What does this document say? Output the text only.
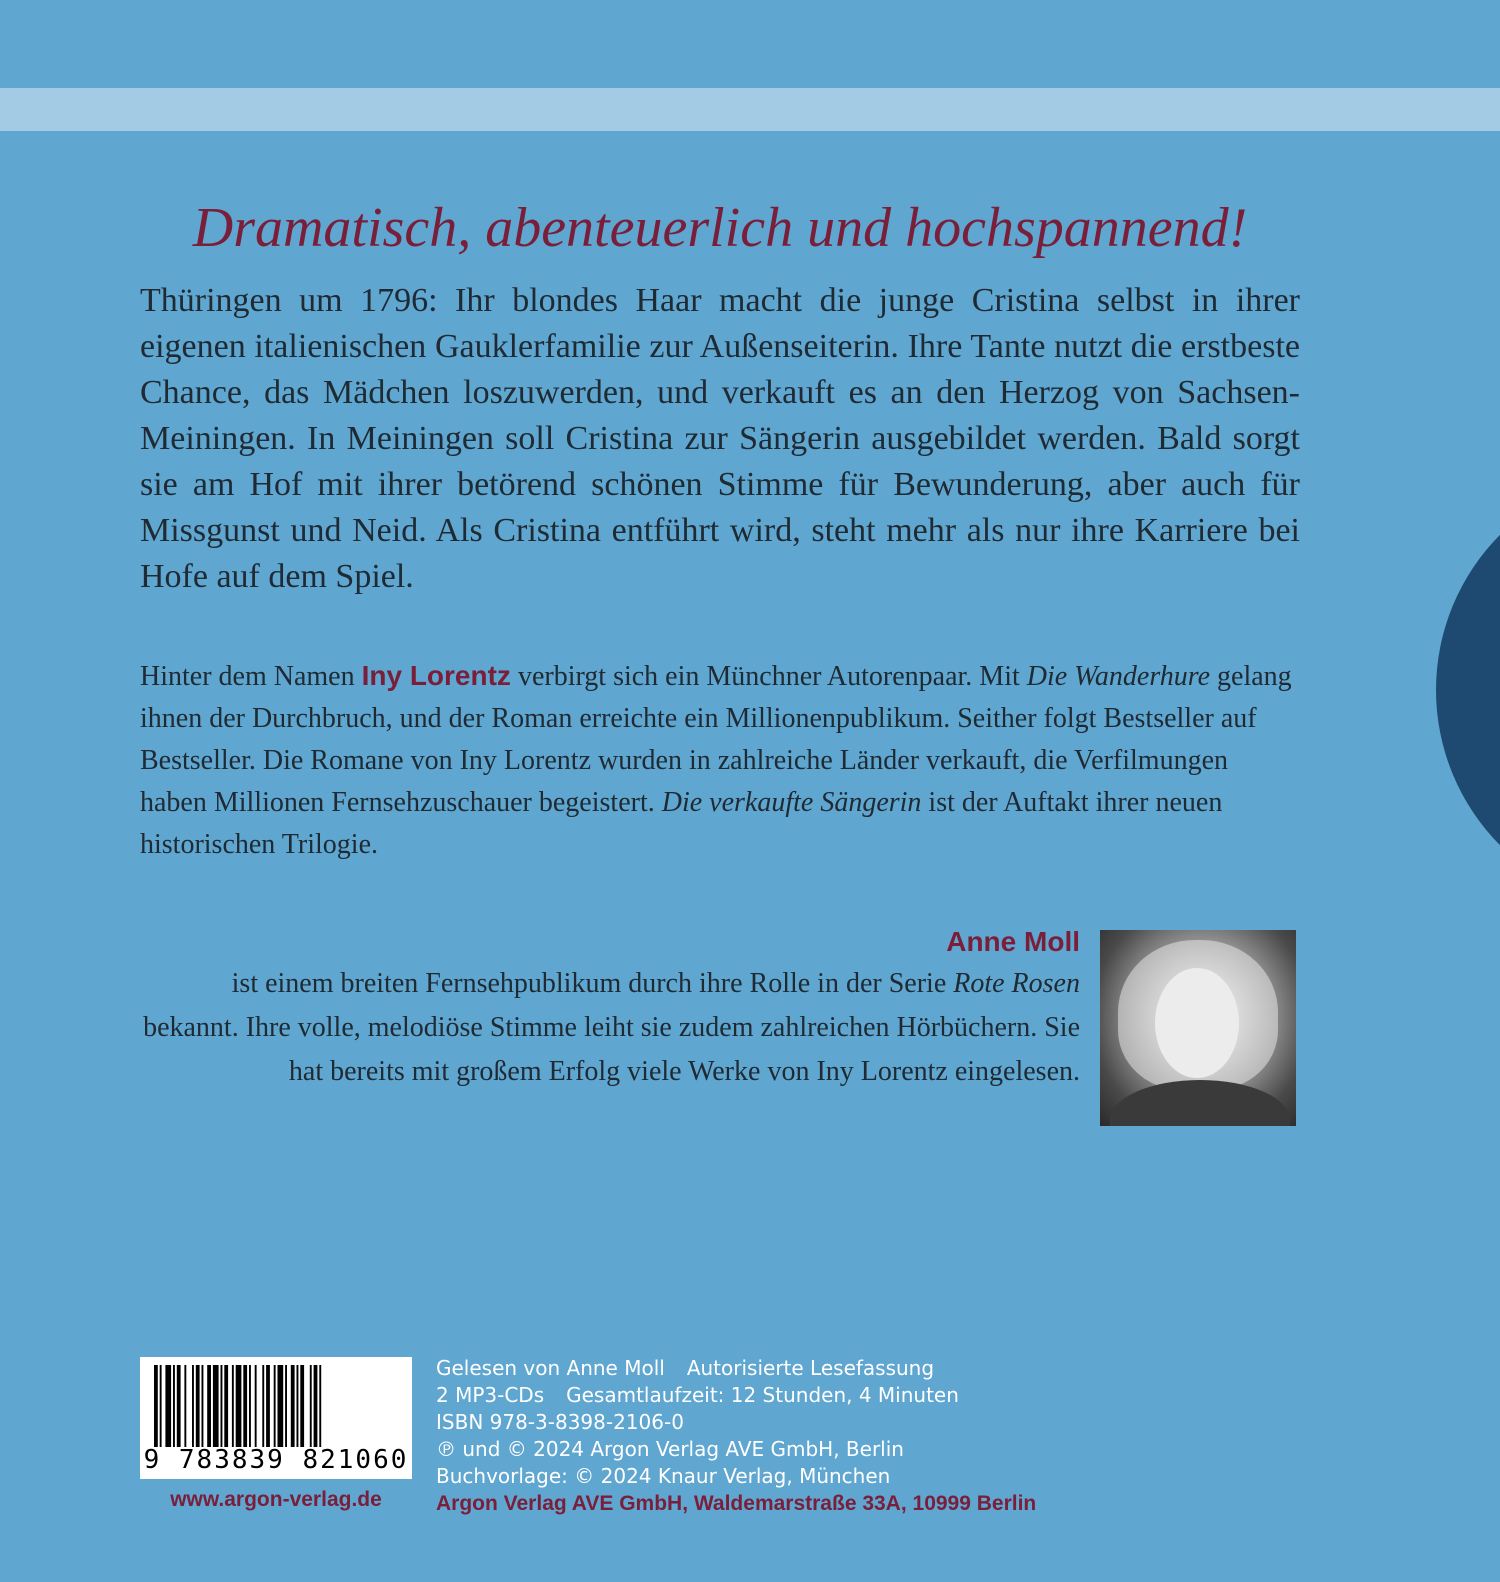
Dramatisch, abenteuerlich und hochspannend!
Thüringen um 1796: Ihr blondes Haar macht die junge Cristina selbst in ihrer eigenen italienischen Gauklerfamilie zur Außenseiterin. Ihre Tante nutzt die erstbeste Chance, das Mädchen loszuwerden, und verkauft es an den Herzog von Sachsen-Meiningen. In Meiningen soll Cristina zur Sängerin ausgebildet werden. Bald sorgt sie am Hof mit ihrer betörend schönen Stimme für Bewunderung, aber auch für Missgunst und Neid. Als Cristina entführt wird, steht mehr als nur ihre Karriere bei Hofe auf dem Spiel.
Hinter dem Namen Iny Lorentz verbirgt sich ein Münchner Autorenpaar. Mit Die Wanderhure gelang ihnen der Durchbruch, und der Roman erreichte ein Millionenpublikum. Seither folgt Bestseller auf Bestseller. Die Romane von Iny Lorentz wurden in zahlreiche Länder verkauft, die Verfilmungen haben Millionen Fernsehzuschauer begeistert. Die verkaufte Sängerin ist der Auftakt ihrer neuen historischen Trilogie.
Anne Moll
ist einem breiten Fernsehpublikum durch ihre Rolle in der Serie Rote Rosen bekannt. Ihre volle, melodiöse Stimme leiht sie zudem zahlreichen Hörbüchern. Sie hat bereits mit großem Erfolg viele Werke von Iny Lorentz eingelesen.
9 783839 821060
www.argon-verlag.de
Gelesen von Anne Moll Autorisierte Lesefassung
2 MP3-CDs Gesamtlaufzeit: 12 Stunden, 4 Minuten
ISBN 978-3-8398-2106-0
℗ und © 2024 Argon Verlag AVE GmbH, Berlin
Buchvorlage: © 2024 Knaur Verlag, München
Argon Verlag AVE GmbH, Waldemarstraße 33A, 10999 Berlin
